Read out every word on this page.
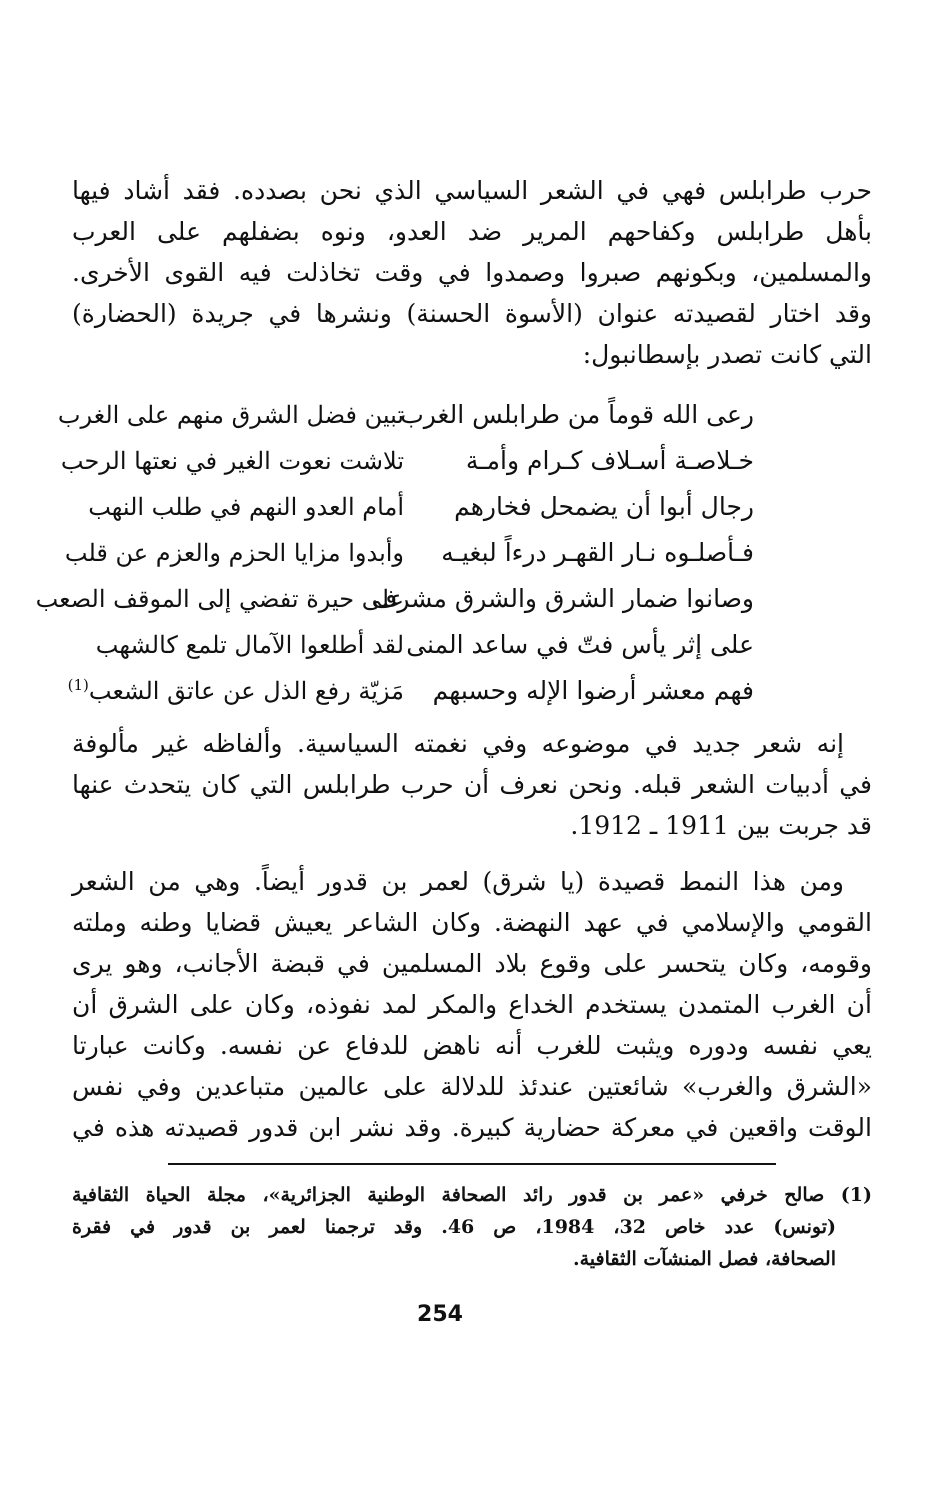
حرب طرابلس فهي في الشعر السياسي الذي نحن بصدده. فقد أشاد فيها
بأهل طرابلس وكفاحهم المرير ضد العدو، ونوه بضفلهم على العرب
والمسلمين، وبكونهم صبروا وصمدوا في وقت تخاذلت فيه القوى الأخرى.
وقد اختار لقصيدته عنوان (الأسوة الحسنة) ونشرها في جريدة (الحضارة)
التي كانت تصدر بإسطانبول:
رعى الله قوماً من طرابلس الغرب
تبين فضل الشرق منهم على الغرب
خـلاصـة أسـلاف كـرام وأمـة
تلاشت نعوت الغير في نعتها الرحب
رجال أبوا أن يضمحل فخارهم
أمام العدو النهم في طلب النهب
فـأصلـوه نـار القهـر درءاً لبغيـه
وأبدوا مزايا الحزم والعزم عن قلب
وصانوا ضمار الشرق والشرق مشرف
على حيرة تفضي إلى الموقف الصعب
على إثر يأس فتّ في ساعد المنى
لقد أطلعوا الآمال تلمع كالشهب
فهم معشر أرضوا الإله وحسبهم
مَزيّة رفع الذل عن عاتق الشعب$^{(1)}$
إنه شعر جديد في موضوعه وفي نغمته السياسية. وألفاظه غير مألوفة
في أدبيات الشعر قبله. ونحن نعرف أن حرب طرابلس التي كان يتحدث عنها
قد جربت بين 1911 ـ 1912.
ومن هذا النمط قصيدة (يا شرق) لعمر بن قدور أيضاً. وهي من الشعر
القومي والإسلامي في عهد النهضة. وكان الشاعر يعيش قضايا وطنه وملته
وقومه، وكان يتحسر على وقوع بلاد المسلمين في قبضة الأجانب، وهو يرى
أن الغرب المتمدن يستخدم الخداع والمكر لمد نفوذه، وكان على الشرق أن
يعي نفسه ودوره ويثبت للغرب أنه ناهض للدفاع عن نفسه. وكانت عبارتا
«الشرق والغرب» شائعتين عندئذ للدلالة على عالمين متباعدين وفي نفس
الوقت واقعين في معركة حضارية كبيرة. وقد نشر ابن قدور قصيدته هذه في
(1) صالح خرفي «عمر بن قدور رائد الصحافة الوطنية الجزائرية»، مجلة الحياة الثقافية
(تونس) عدد خاص 32، 1984، ص 46. وقد ترجمنا لعمر بن قدور في فقرة
الصحافة، فصل المنشآت الثقافية.
254
